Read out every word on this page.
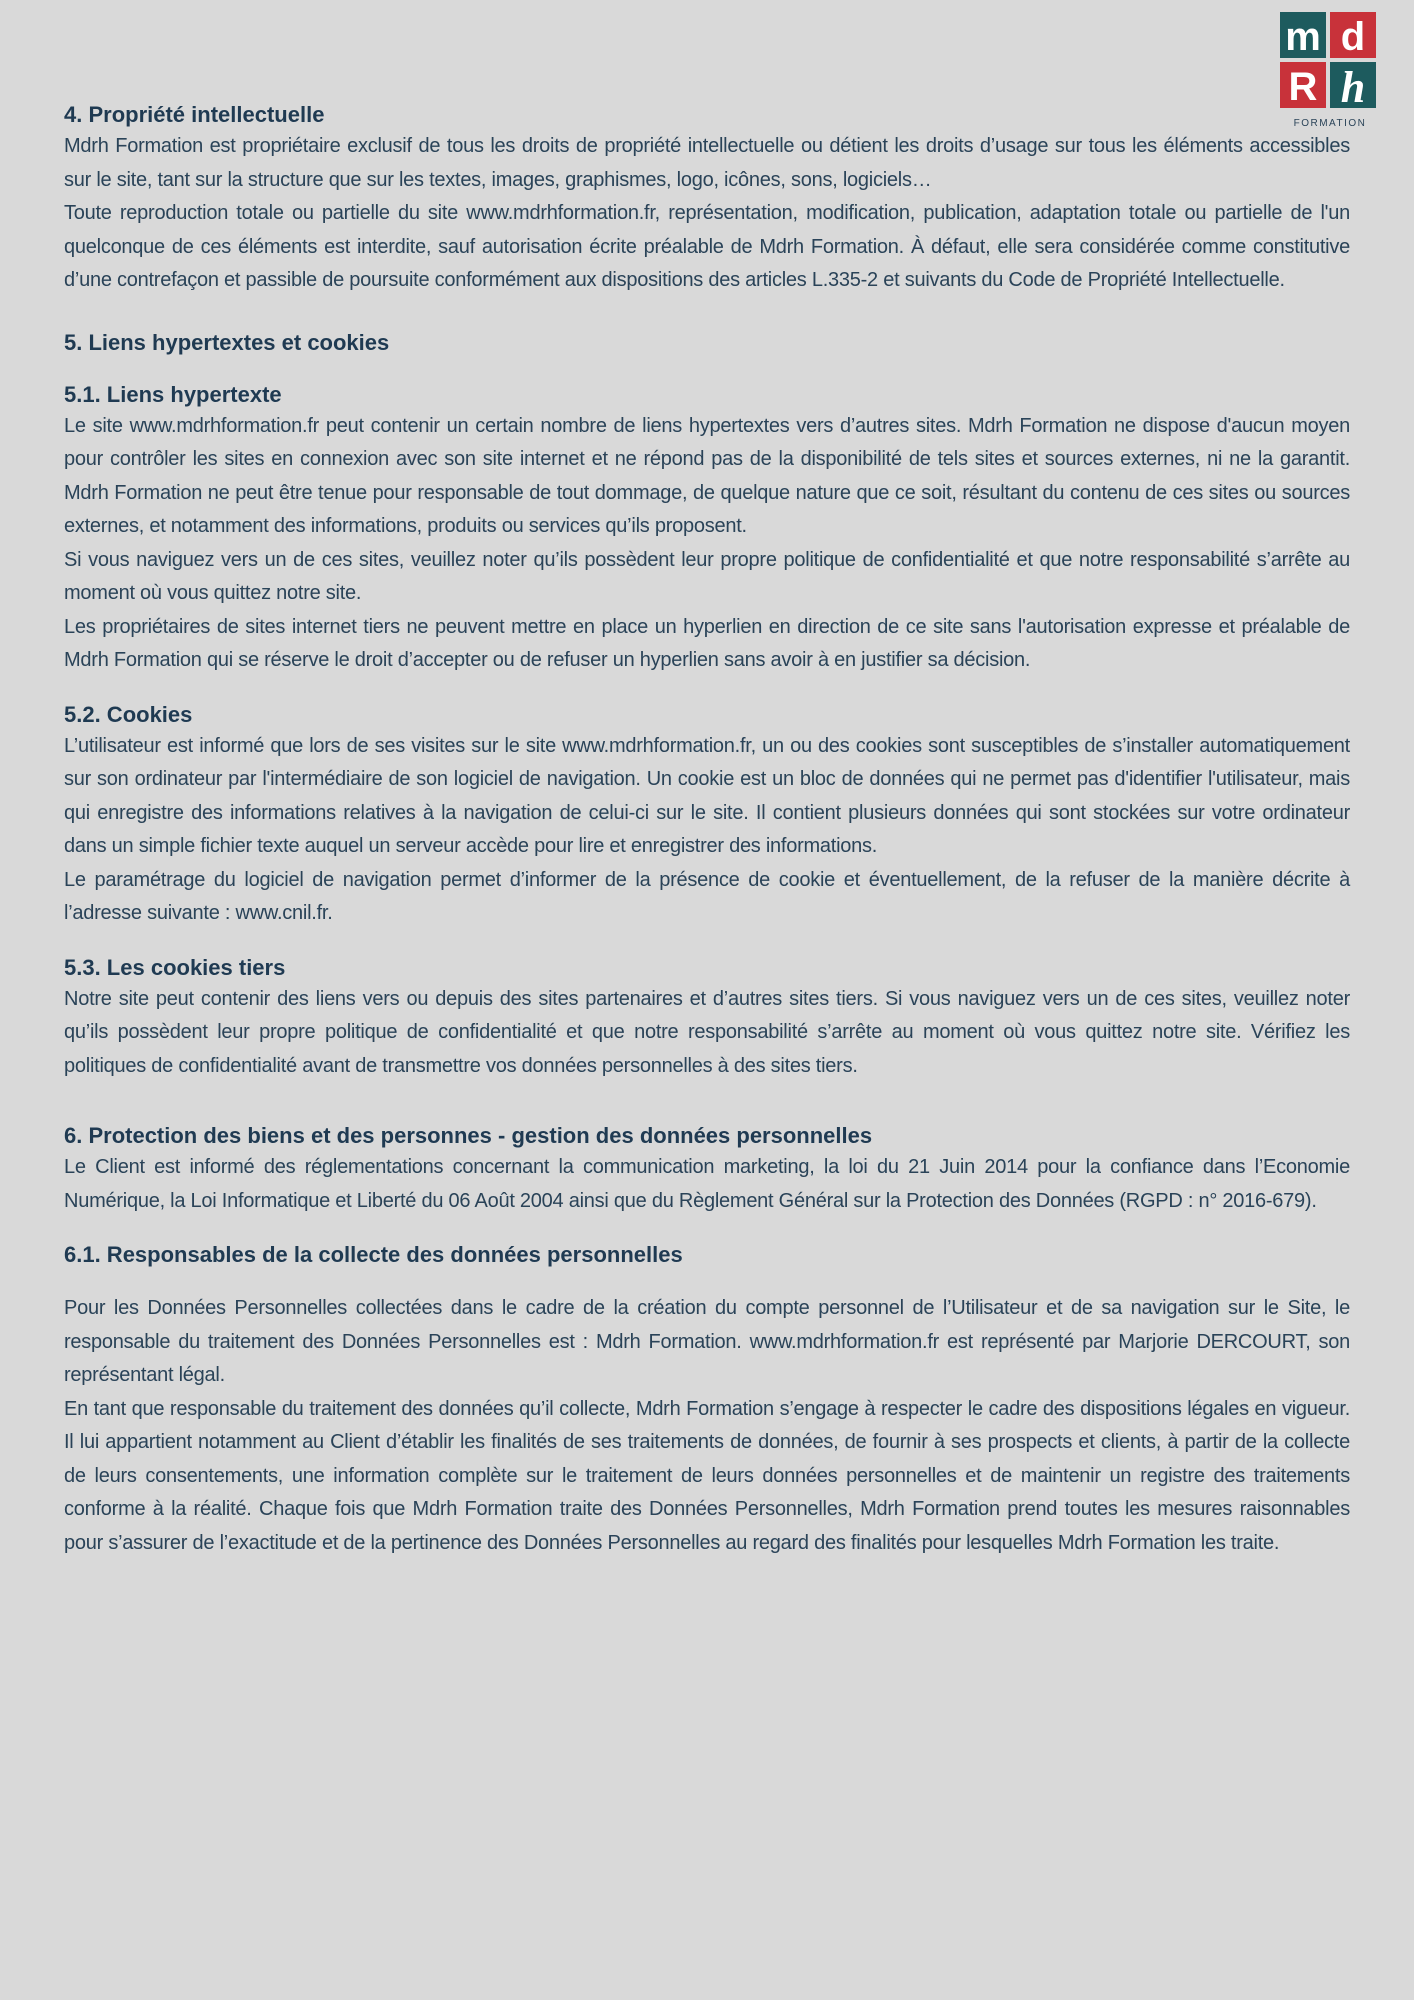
m d
R h
FORMATION
4. Propriété intellectuelle

Mdrh Formation est propriétaire exclusif de tous les droits de propriété intellectuelle ou détient les droits d’usage sur tous les éléments accessibles sur le site, tant sur la structure que sur les textes, images, graphismes, logo, icônes, sons, logiciels…

Toute reproduction totale ou partielle du site www.mdrhformation.fr, représentation, modification, publication, adaptation totale ou partielle de l'un quelconque de ces éléments est interdite, sauf autorisation écrite préalable de Mdrh Formation. À défaut, elle sera considérée comme constitutive d’une contrefaçon et passible de poursuite conformément aux dispositions des articles L.335-2 et suivants du Code de Propriété Intellectuelle.

5. Liens hypertextes et cookies
5.1. Liens hypertexte

Le site www.mdrhformation.fr peut contenir un certain nombre de liens hypertextes vers d’autres sites. Mdrh Formation ne dispose d'aucun moyen pour contrôler les sites en connexion avec son site internet et ne répond pas de la disponibilité de tels sites et sources externes, ni ne la garantit. Mdrh Formation ne peut être tenue pour responsable de tout dommage, de quelque nature que ce soit, résultant du contenu de ces sites ou sources externes, et notamment des informations, produits ou services qu’ils proposent.

Si vous naviguez vers un de ces sites, veuillez noter qu’ils possèdent leur propre politique de confidentialité et que notre responsabilité s’arrête au moment où vous quittez notre site.

Les propriétaires de sites internet tiers ne peuvent mettre en place un hyperlien en direction de ce site sans l'autorisation expresse et préalable de Mdrh Formation qui se réserve le droit d’accepter ou de refuser un hyperlien sans avoir à en justifier sa décision.

5.2. Cookies

L’utilisateur est informé que lors de ses visites sur le site www.mdrhformation.fr, un ou des cookies sont susceptibles de s’installer automatiquement sur son ordinateur par l'intermédiaire de son logiciel de navigation. Un cookie est un bloc de données qui ne permet pas d'identifier l'utilisateur, mais qui enregistre des informations relatives à la navigation de celui-ci sur le site. Il contient plusieurs données qui sont stockées sur votre ordinateur dans un simple fichier texte auquel un serveur accède pour lire et enregistrer des informations.

Le paramétrage du logiciel de navigation permet d’informer de la présence de cookie et éventuellement, de la refuser de la manière décrite à l’adresse suivante : www.cnil.fr.

5.3. Les cookies tiers

Notre site peut contenir des liens vers ou depuis des sites partenaires et d’autres sites tiers. Si vous naviguez vers un de ces sites, veuillez noter qu’ils possèdent leur propre politique de confidentialité et que notre responsabilité s’arrête au moment où vous quittez notre site. Vérifiez les politiques de confidentialité avant de transmettre vos données personnelles à des sites tiers.

6. Protection des biens et des personnes - gestion des données personnelles

Le Client est informé des réglementations concernant la communication marketing, la loi du 21 Juin 2014 pour la confiance dans l’Economie Numérique, la Loi Informatique et Liberté du 06 Août 2004 ainsi que du Règlement Général sur la Protection des Données (RGPD : n° 2016-679).

6.1. Responsables de la collecte des données personnelles

Pour les Données Personnelles collectées dans le cadre de la création du compte personnel de l’Utilisateur et de sa navigation sur le Site, le responsable du traitement des Données Personnelles est : Mdrh Formation. www.mdrhformation.fr est représenté par Marjorie DERCOURT, son représentant légal.

En tant que responsable du traitement des données qu’il collecte, Mdrh Formation s’engage à respecter le cadre des dispositions légales en vigueur. Il lui appartient notamment au Client d’établir les finalités de ses traitements de données, de fournir à ses prospects et clients, à partir de la collecte de leurs consentements, une information complète sur le traitement de leurs données personnelles et de maintenir un registre des traitements conforme à la réalité. Chaque fois que Mdrh Formation traite des Données Personnelles, Mdrh Formation prend toutes les mesures raisonnables pour s’assurer de l’exactitude et de la pertinence des Données Personnelles au regard des finalités pour lesquelles Mdrh Formation les traite.
